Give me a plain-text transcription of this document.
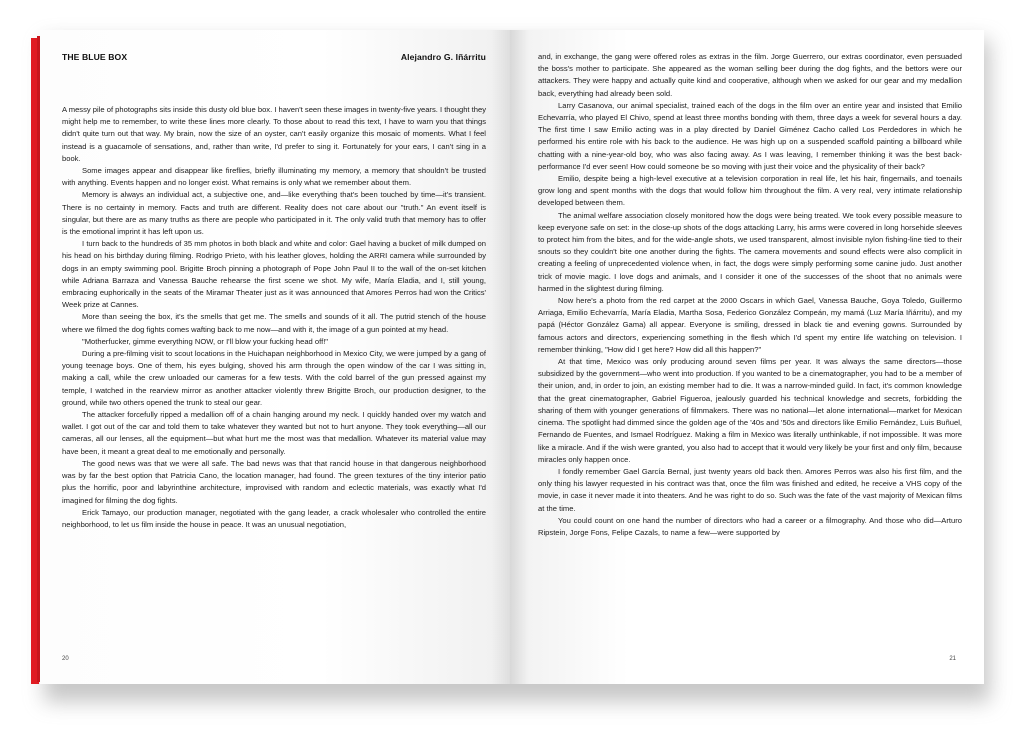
THE BLUE BOX	Alejandro G. Iñárritu

A messy pile of photographs sits inside this dusty old blue box. I haven't seen these images in twenty-five years. I thought they might help me to remember, to write these lines more clearly. To those about to read this text, I have to warn you that things didn't quite turn out that way. My brain, now the size of an oyster, can't easily organize this mosaic of moments. What I feel instead is a guacamole of sensations, and, rather than write, I'd prefer to sing it. Fortunately for your ears, I can't sing in a book.

Some images appear and disappear like fireflies, briefly illuminating my memory, a memory that shouldn't be trusted with anything. Events happen and no longer exist. What remains is only what we remember about them.

Memory is always an individual act, a subjective one, and—like everything that's been touched by time—it's transient. There is no certainty in memory. Facts and truth are different. Reality does not care about our "truth." An event itself is singular, but there are as many truths as there are people who participated in it. The only valid truth that memory has to offer is the emotional imprint it has left upon us.

I turn back to the hundreds of 35 mm photos in both black and white and color: Gael having a bucket of milk dumped on his head on his birthday during filming. Rodrigo Prieto, with his leather gloves, holding the ARRI camera while surrounded by dogs in an empty swimming pool. Brigitte Broch pinning a photograph of Pope John Paul II to the wall of the on-set kitchen while Adriana Barraza and Vanessa Bauche rehearse the first scene we shot. My wife, María Eladia, and I, still young, embracing euphorically in the seats of the Miramar Theater just as it was announced that Amores Perros had won the Critics' Week prize at Cannes.

More than seeing the box, it's the smells that get me. The smells and sounds of it all. The putrid stench of the house where we filmed the dog fights comes wafting back to me now—and with it, the image of a gun pointed at my head.

"Motherfucker, gimme everything NOW, or I'll blow your fucking head off!"

During a pre-filming visit to scout locations in the Huichapan neighborhood in Mexico City, we were jumped by a gang of young teenage boys. One of them, his eyes bulging, shoved his arm through the open window of the car I was sitting in, making a call, while the crew unloaded our cameras for a few tests. With the cold barrel of the gun pressed against my temple, I watched in the rearview mirror as another attacker violently threw Brigitte Broch, our production designer, to the ground, while two others opened the trunk to steal our gear.

The attacker forcefully ripped a medallion off of a chain hanging around my neck. I quickly handed over my watch and wallet. I got out of the car and told them to take whatever they wanted but not to hurt anyone. They took everything—all our cameras, all our lenses, all the equipment—but what hurt me the most was that medallion. Whatever its material value may have been, it meant a great deal to me emotionally and personally.

The good news was that we were all safe. The bad news was that that rancid house in that dangerous neighborhood was by far the best option that Patricia Cano, the location manager, had found. The green textures of the tiny interior patio plus the horrific, poor and labyrinthine architecture, improvised with random and eclectic materials, was exactly what I'd imagined for filming the dog fights.

Erick Tamayo, our production manager, negotiated with the gang leader, a crack wholesaler who controlled the entire neighborhood, to let us film inside the house in peace. It was an unusual negotiation,

20

and, in exchange, the gang were offered roles as extras in the film. Jorge Guerrero, our extras coordinator, even persuaded the boss's mother to participate. She appeared as the woman selling beer during the dog fights, and the bettors were our attackers. They were happy and actually quite kind and cooperative, although when we asked for our gear and my medallion back, everything had already been sold.

Larry Casanova, our animal specialist, trained each of the dogs in the film over an entire year and insisted that Emilio Echevarría, who played El Chivo, spend at least three months bonding with them, three days a week for several hours a day. The first time I saw Emilio acting was in a play directed by Daniel Giménez Cacho called Los Perdedores in which he performed his entire role with his back to the audience. He was high up on a suspended scaffold painting a billboard while chatting with a nine-year-old boy, who was also facing away. As I was leaving, I remember thinking it was the best back-performance I'd ever seen! How could someone be so moving with just their voice and the physicality of their back?

Emilio, despite being a high-level executive at a television corporation in real life, let his hair, fingernails, and toenails grow long and spent months with the dogs that would follow him throughout the film. A very real, very intimate relationship developed between them.

The animal welfare association closely monitored how the dogs were being treated. We took every possible measure to keep everyone safe on set: in the close-up shots of the dogs attacking Larry, his arms were covered in long horsehide sleeves to protect him from the bites, and for the wide-angle shots, we used transparent, almost invisible nylon fishing-line tied to their snouts so they couldn't bite one another during the fights. The camera movements and sound effects were also complicit in creating a feeling of unprecedented violence when, in fact, the dogs were simply performing some canine judo. Just another trick of movie magic. I love dogs and animals, and I consider it one of the successes of the shoot that no animals were harmed in the slightest during filming.

Now here's a photo from the red carpet at the 2000 Oscars in which Gael, Vanessa Bauche, Goya Toledo, Guillermo Arriaga, Emilio Echevarría, María Eladia, Martha Sosa, Federico González Compeán, my mamá (Luz María Iñárritu), and my papá (Héctor González Gama) all appear. Everyone is smiling, dressed in black tie and evening gowns. Surrounded by famous actors and directors, experiencing something in the flesh which I'd spent my entire life watching on television. I remember thinking, "How did I get here? How did all this happen?"

At that time, Mexico was only producing around seven films per year. It was always the same directors—those subsidized by the government—who went into production. If you wanted to be a cinematographer, you had to be a member of their union, and, in order to join, an existing member had to die. It was a narrow-minded guild. In fact, it's common knowledge that the great cinematographer, Gabriel Figueroa, jealously guarded his technical knowledge and secrets, forbidding the sharing of them with younger generations of filmmakers. There was no national—let alone international—market for Mexican cinema. The spotlight had dimmed since the golden age of the '40s and '50s and directors like Emilio Fernández, Luis Buñuel, Fernando de Fuentes, and Ismael Rodríguez. Making a film in Mexico was literally unthinkable, if not impossible. It was more like a miracle. And if the wish were granted, you also had to accept that it would very likely be your first and only film, because miracles only happen once.

I fondly remember Gael García Bernal, just twenty years old back then. Amores Perros was also his first film, and the only thing his lawyer requested in his contract was that, once the film was finished and edited, he receive a VHS copy of the movie, in case it never made it into theaters. And he was right to do so. Such was the fate of the vast majority of Mexican films at the time.

You could count on one hand the number of directors who had a career or a filmography. And those who did—Arturo Ripstein, Jorge Fons, Felipe Cazals, to name a few—were supported by

21
